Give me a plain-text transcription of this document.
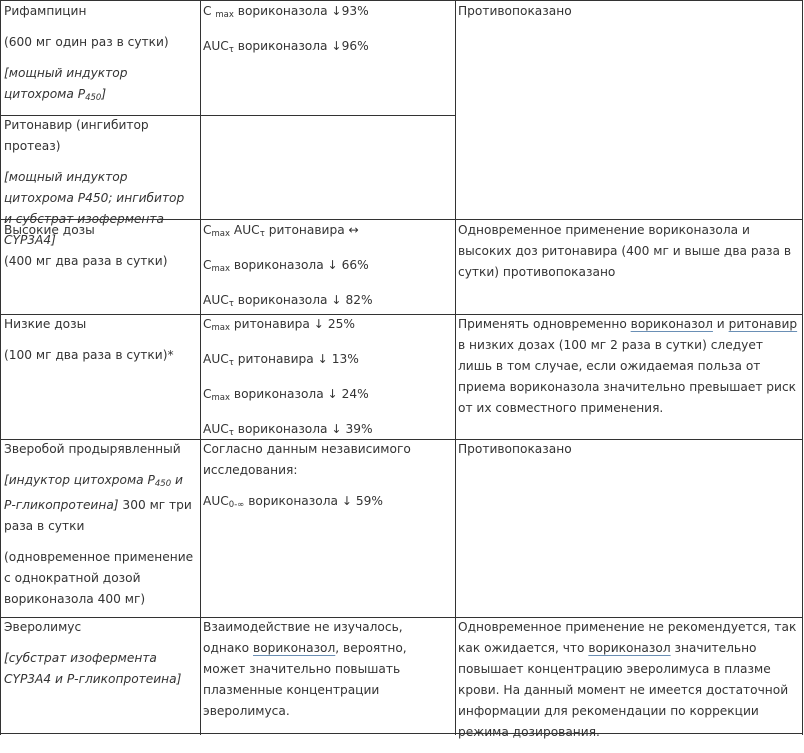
Рифампицин

(600 мг один раз в сутки)

[мощный индуктор цитохрома $Р_{450}$]

C $_{max}$ вориконазола ↓93%

$AUC_\tau$ вориконазола ↓96%

Противопоказано

Ритонавир (ингибитор протеаз)

[мощный индуктор цитохрома Р450; ингибитор и субстрат изофермента CYP3A4]

Высокие дозы

(400 мг два раза в сутки)

$C_{max}$ $AUC_\tau$ ритонавира ↔

$C_{max}$ вориконазола ↓ 66%

$AUC_\tau$ вориконазола ↓ 82%

Одновременное применение вориконазола и высоких доз ритонавира (400 мг и выше два раза в сутки) противопоказано

Низкие дозы

(100 мг два раза в сутки)*

$C_{max}$ ритонавира ↓ 25%

$AUC_\tau$ ритонавира ↓ 13%

$C_{max}$ вориконазола ↓ 24%

$AUC_\tau$ вориконазола ↓ 39%

Применять одновременно вориконазол и ритонавир в низких дозах (100 мг 2 раза в сутки) следует лишь в том случае, если ожидаемая польза от приема вориконазола значительно превышает риск от их совместного применения.

Зверобой продырявленный

[индуктор цитохрома $Р_{450}$ и Р-гликопротеина] 300 мг три раза в сутки

(одновременное применение с однократной дозой вориконазола 400 мг)

Согласно данным независимого исследования:

$AUC_{0-\infty}$ вориконазола ↓ 59%

Противопоказано

Эверолимус

[субстрат изофермента CYP3A4 и Р-гликопротеина]

Взаимодействие не изучалось, однако вориконазол, вероятно, может значительно повышать плазменные концентрации эверолимуса.

Одновременное применение не рекомендуется, так как ожидается, что вориконазол значительно повышает концентрацию эверолимуса в плазме крови. На данный момент не имеется достаточной информации для рекомендации по коррекции режима дозирования.
